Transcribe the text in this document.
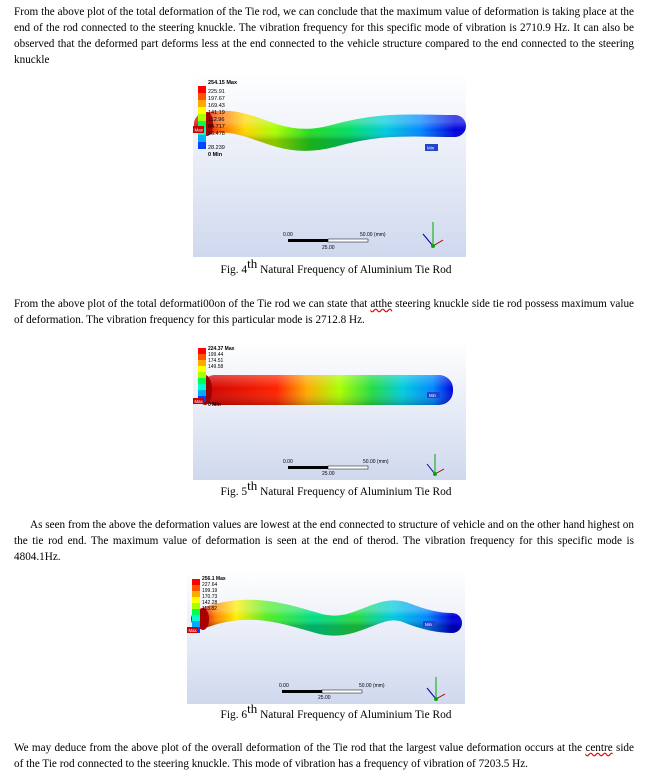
From the above plot of the total deformation of the Tie rod, we can conclude that the maximum value of deformation is taking place at the end of the rod connected to the steering knuckle. The vibration frequency for this specific mode of vibration is 2710.9 Hz. It can also be observed that the deformed part deforms less at the end connected to the vehicle structure compared to the end connected to the steering knuckle

254.15 Max
225.91
197.67
169.43
141.19
112.96
84.717
56.478
28.239
0 Min
Max
Min
0.00	50.00 (mm)
25.00
Fig. 4th Natural Frequency of Aluminium Tie Rod

From the above plot of the total deformati00on of the Tie rod we can state that atthe steering knuckle side tie rod possess maximum value of deformation. The vibration frequency for this particular mode is 2712.8 Hz.

224.37 Max
199.44
174.51
149.58
0 Min
Max
Min
0.00	50.00 (mm)
25.00
Fig. 5th Natural Frequency of Aluminium Tie Rod

As seen from the above the deformation values are lowest at the end connected to structure of vehicle and on the other hand highest on the tie rod end. The maximum value of deformation is seen at the end of therod. The vibration frequency for this specific mode is 4804.1Hz.

256.1 Max
227.64
199.19
170.73
142.28
113.82
Max
Min
0.00	50.00 (mm)
25.00
Fig. 6th Natural Frequency of Aluminium Tie Rod

We may deduce from the above plot of the overall deformation of the Tie rod that the largest value deformation occurs at the centre side of the Tie rod connected to the steering knuckle. This mode of vibration has a frequency of vibration of 7203.5 Hz.
